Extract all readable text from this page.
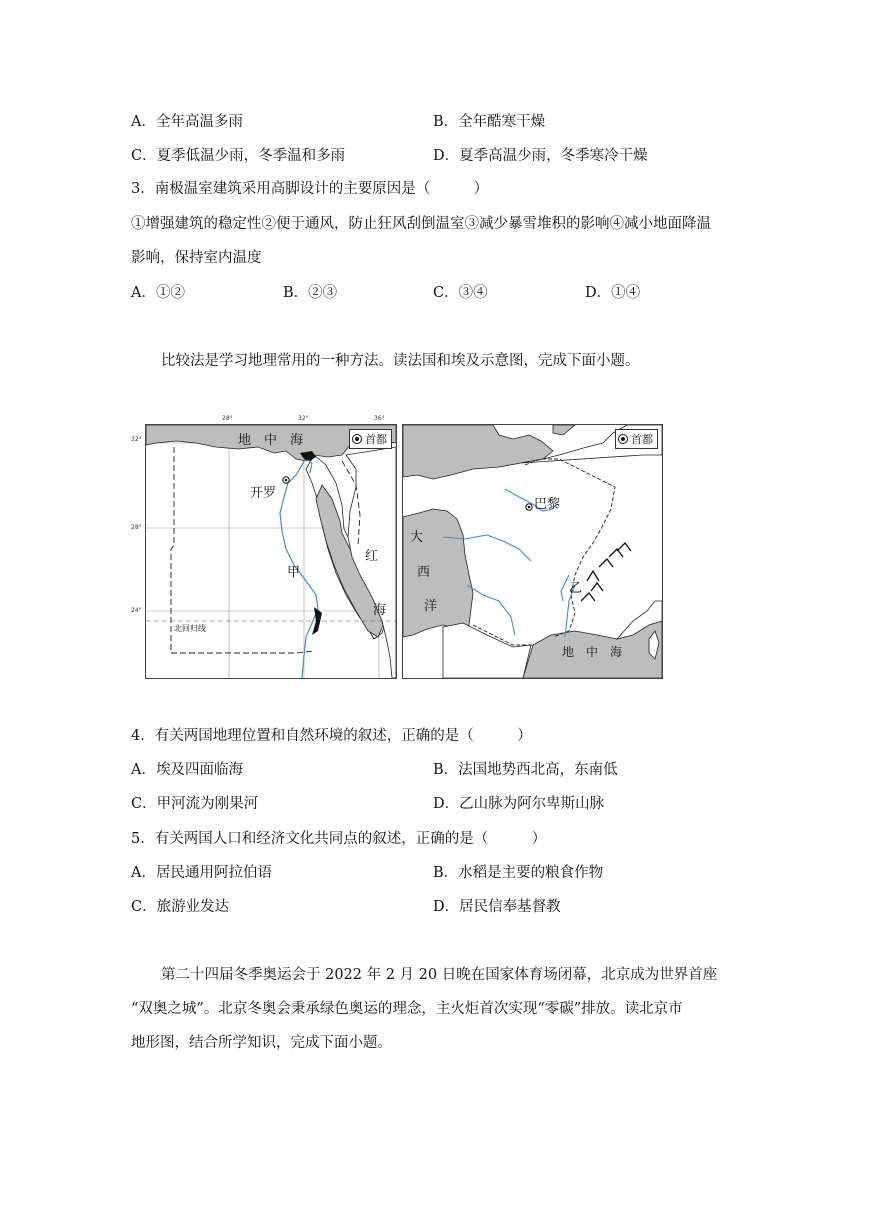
A．全年高温多雨	B．全年酷寒干燥
C．夏季低温少雨，冬季温和多雨	D．夏季高温少雨，冬季寒冷干燥
3．南极温室建筑采用高脚设计的主要原因是（　　　）
①增强建筑的稳定性②便于通风，防止狂风刮倒温室③减少暴雪堆积的影响④减小地面降温
影响，保持室内温度
A．①②	B．②③	C．③④	D．①④
比较法是学习地理常用的一种方法。读法国和埃及示意图，完成下面小题。
28°	32°	36°
32°
28°
24°
地　中　海	首都
开罗
甲
红
海
北回归线
首都
巴黎
大
西
洋
乙
地　中　海
4．有关两国地理位置和自然环境的叙述，正确的是（　　　）
A．埃及四面临海	B．法国地势西北高，东南低
C．甲河流为刚果河	D．乙山脉为阿尔卑斯山脉
5．有关两国人口和经济文化共同点的叙述，正确的是（　　　）
A．居民通用阿拉伯语	B．水稻是主要的粮食作物
C．旅游业发达	D．居民信奉基督教
第二十四届冬季奥运会于 2022 年 2 月 20 日晚在国家体育场闭幕，北京成为世界首座
“双奥之城”。北京冬奥会秉承绿色奥运的理念，主火炬首次实现“零碳”排放。读北京市
地形图，结合所学知识，完成下面小题。
